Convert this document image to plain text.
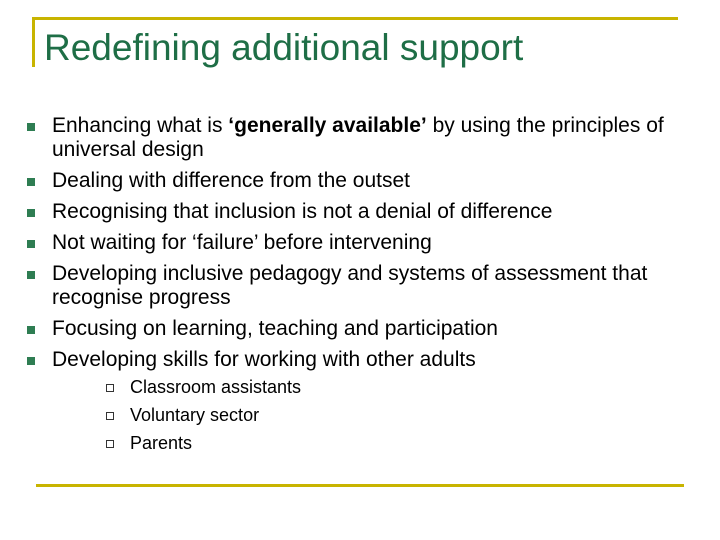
Redefining additional support
Enhancing what is ‘generally available’ by using the principles of universal design
Dealing with difference from the outset
Recognising that inclusion is not a denial of difference
Not waiting for ‘failure’ before intervening
Developing inclusive pedagogy and systems of assessment that recognise progress
Focusing on learning, teaching and participation
Developing skills for working with other adults
Classroom assistants
Voluntary sector
Parents
